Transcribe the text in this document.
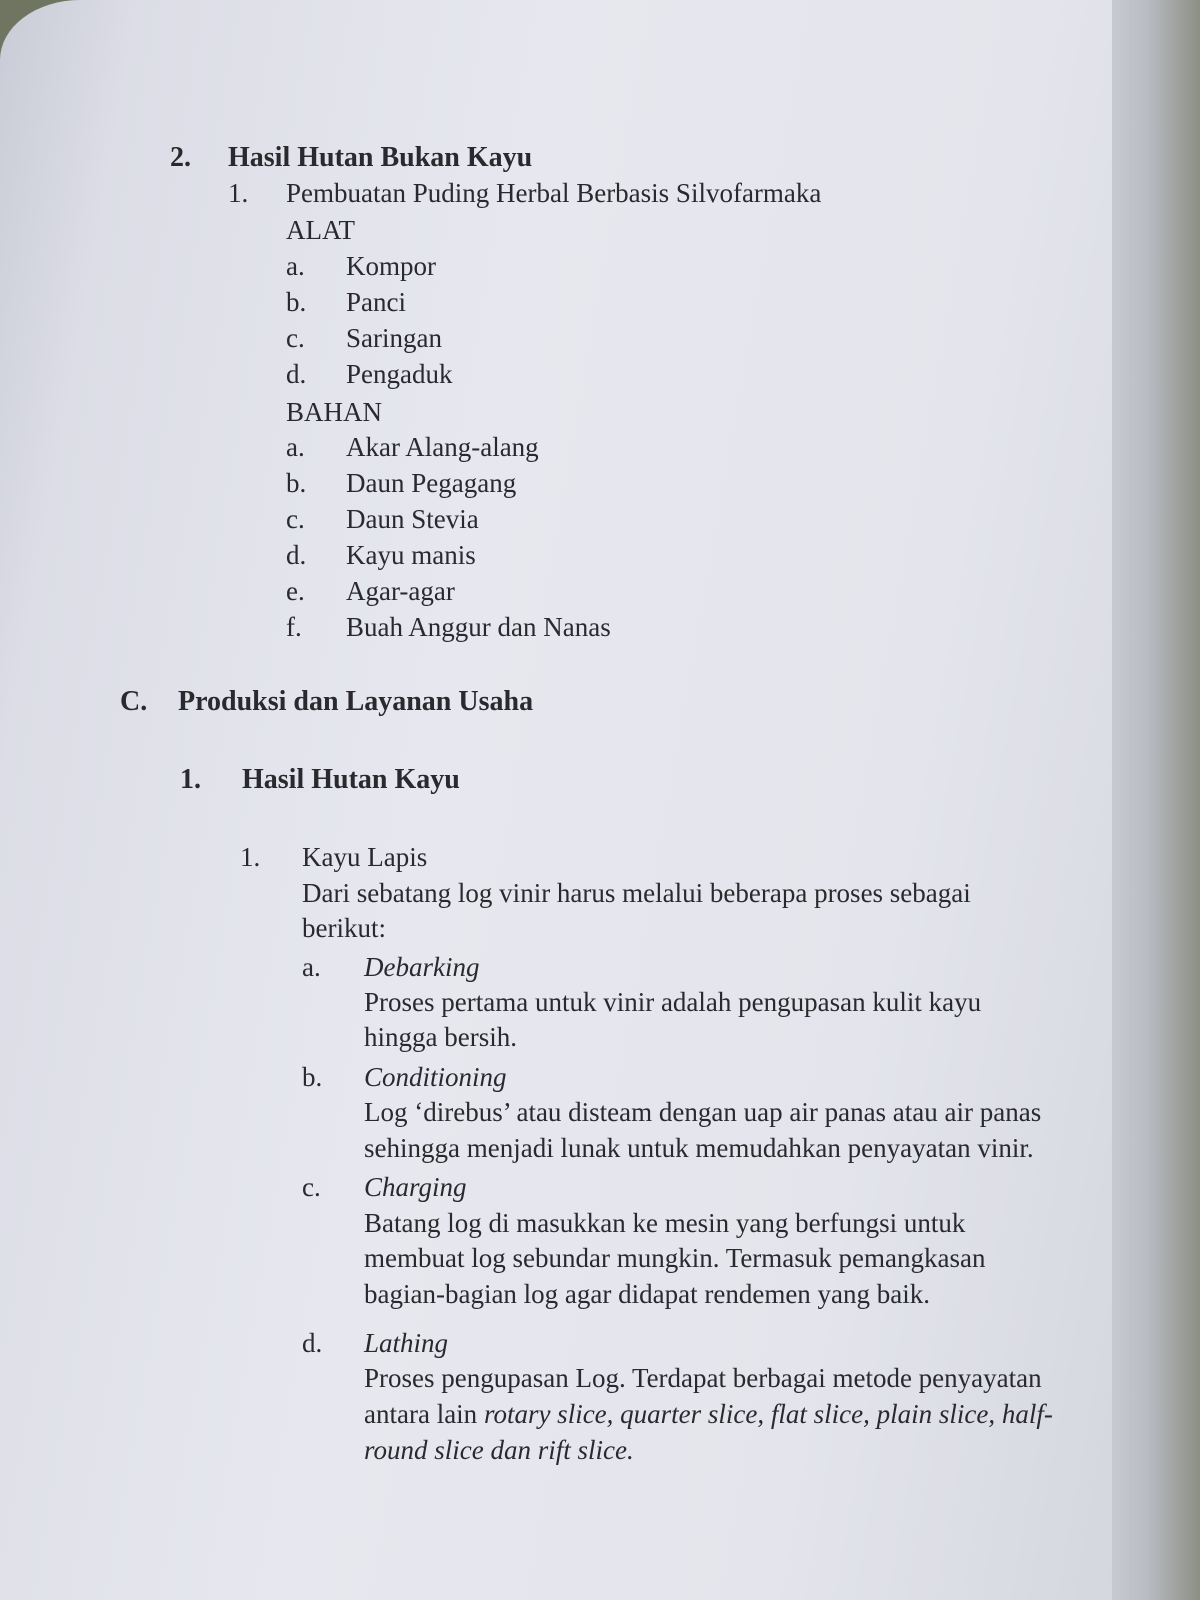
2.	Hasil Hutan Bukan Kayu
1.	Pembuatan Puding Herbal Berbasis Silvofarmaka
ALAT
a.	Kompor
b.	Panci
c.	Saringan
d.	Pengaduk
BAHAN
a.	Akar Alang-alang
b.	Daun Pegagang
c.	Daun Stevia
d.	Kayu manis
e.	Agar-agar
f.	Buah Anggur dan Nanas
C.	Produksi dan Layanan Usaha
1.	Hasil Hutan Kayu
1.	Kayu Lapis
Dari sebatang log vinir harus melalui beberapa proses sebagai berikut:
a.	Debarking
Proses pertama untuk vinir adalah pengupasan kulit kayu hingga bersih.
b.	Conditioning
Log ‘direbus’ atau disteam dengan uap air panas atau air panas sehingga menjadi lunak untuk memudahkan penyayatan vinir.
c.	Charging
Batang log di masukkan ke mesin yang berfungsi untuk membuat log sebundar mungkin. Termasuk pemangkasan bagian-bagian log agar didapat rendemen yang baik.
d.	Lathing
Proses pengupasan Log. Terdapat berbagai metode penyayatan antara lain rotary slice, quarter slice, flat slice, plain slice, half-round slice dan rift slice.
